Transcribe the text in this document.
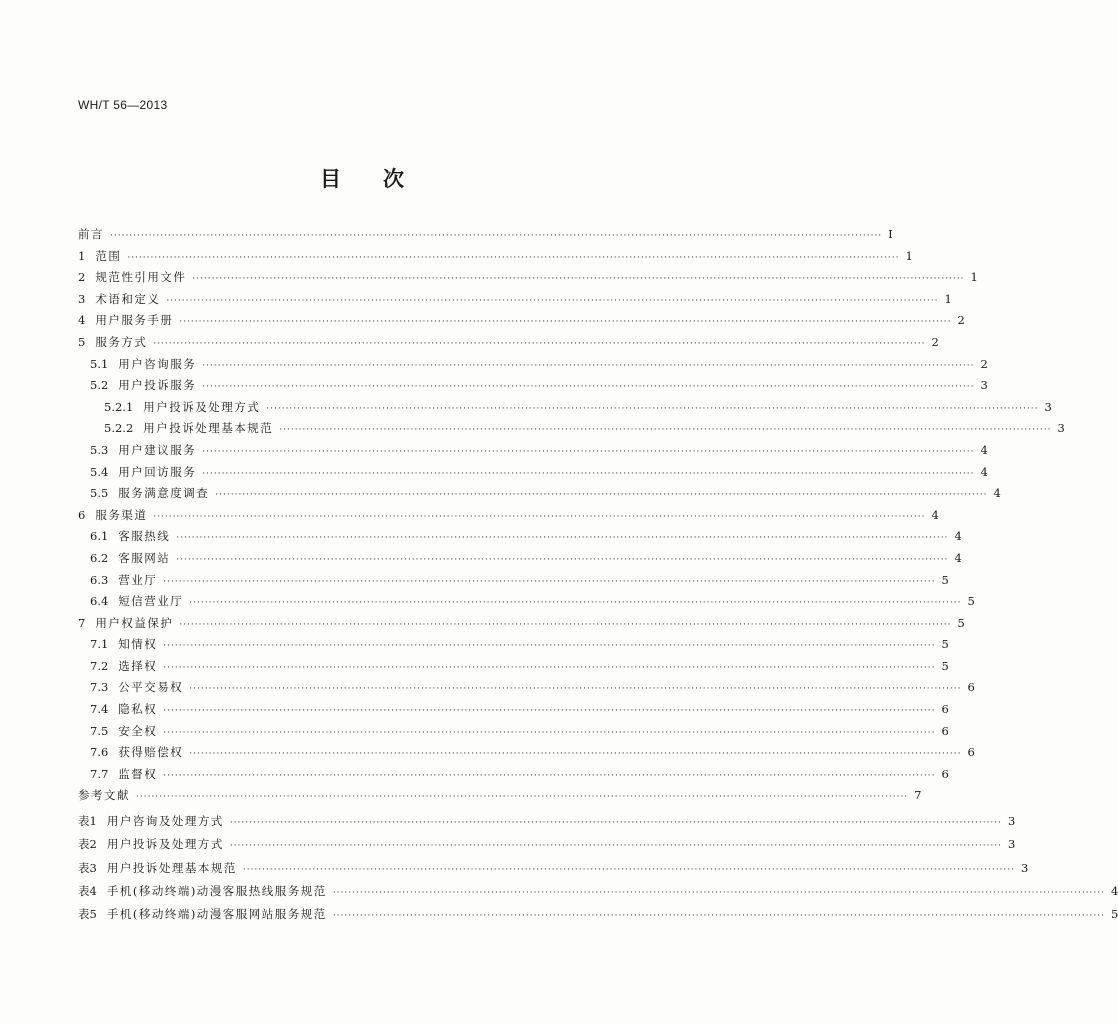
WH/T 56—2013
目　　次
前言 ········································································································································································································ Ⅰ
1 范围 ········································································································································································································ 1
2 规范性引用文件 ········································································································································································································ 1
3 术语和定义 ········································································································································································································ 1
4 用户服务手册 ········································································································································································································ 2
5 服务方式 ········································································································································································································ 2
5.1 用户咨询服务 ········································································································································································································ 2
5.2 用户投诉服务 ········································································································································································································ 3
5.2.1 用户投诉及处理方式 ········································································································································································································ 3
5.2.2 用户投诉处理基本规范 ········································································································································································································ 3
5.3 用户建议服务 ········································································································································································································ 4
5.4 用户回访服务 ········································································································································································································ 4
5.5 服务满意度调查 ········································································································································································································ 4
6 服务渠道 ········································································································································································································ 4
6.1 客服热线 ········································································································································································································ 4
6.2 客服网站 ········································································································································································································ 4
6.3 营业厅 ········································································································································································································ 5
6.4 短信营业厅 ········································································································································································································ 5
7 用户权益保护 ········································································································································································································ 5
7.1 知情权 ········································································································································································································ 5
7.2 选择权 ········································································································································································································ 5
7.3 公平交易权 ········································································································································································································ 6
7.4 隐私权 ········································································································································································································ 6
7.5 安全权 ········································································································································································································ 6
7.6 获得赔偿权 ········································································································································································································ 6
7.7 监督权 ········································································································································································································ 6
参考文献 ········································································································································································································ 7
表1 用户咨询及处理方式 ········································································································································································································ 3
表2 用户投诉及处理方式 ········································································································································································································ 3
表3 用户投诉处理基本规范 ········································································································································································································ 3
表4 手机(移动终端)动漫客服热线服务规范 ········································································································································································································ 4
表5 手机(移动终端)动漫客服网站服务规范 ········································································································································································································ 5
